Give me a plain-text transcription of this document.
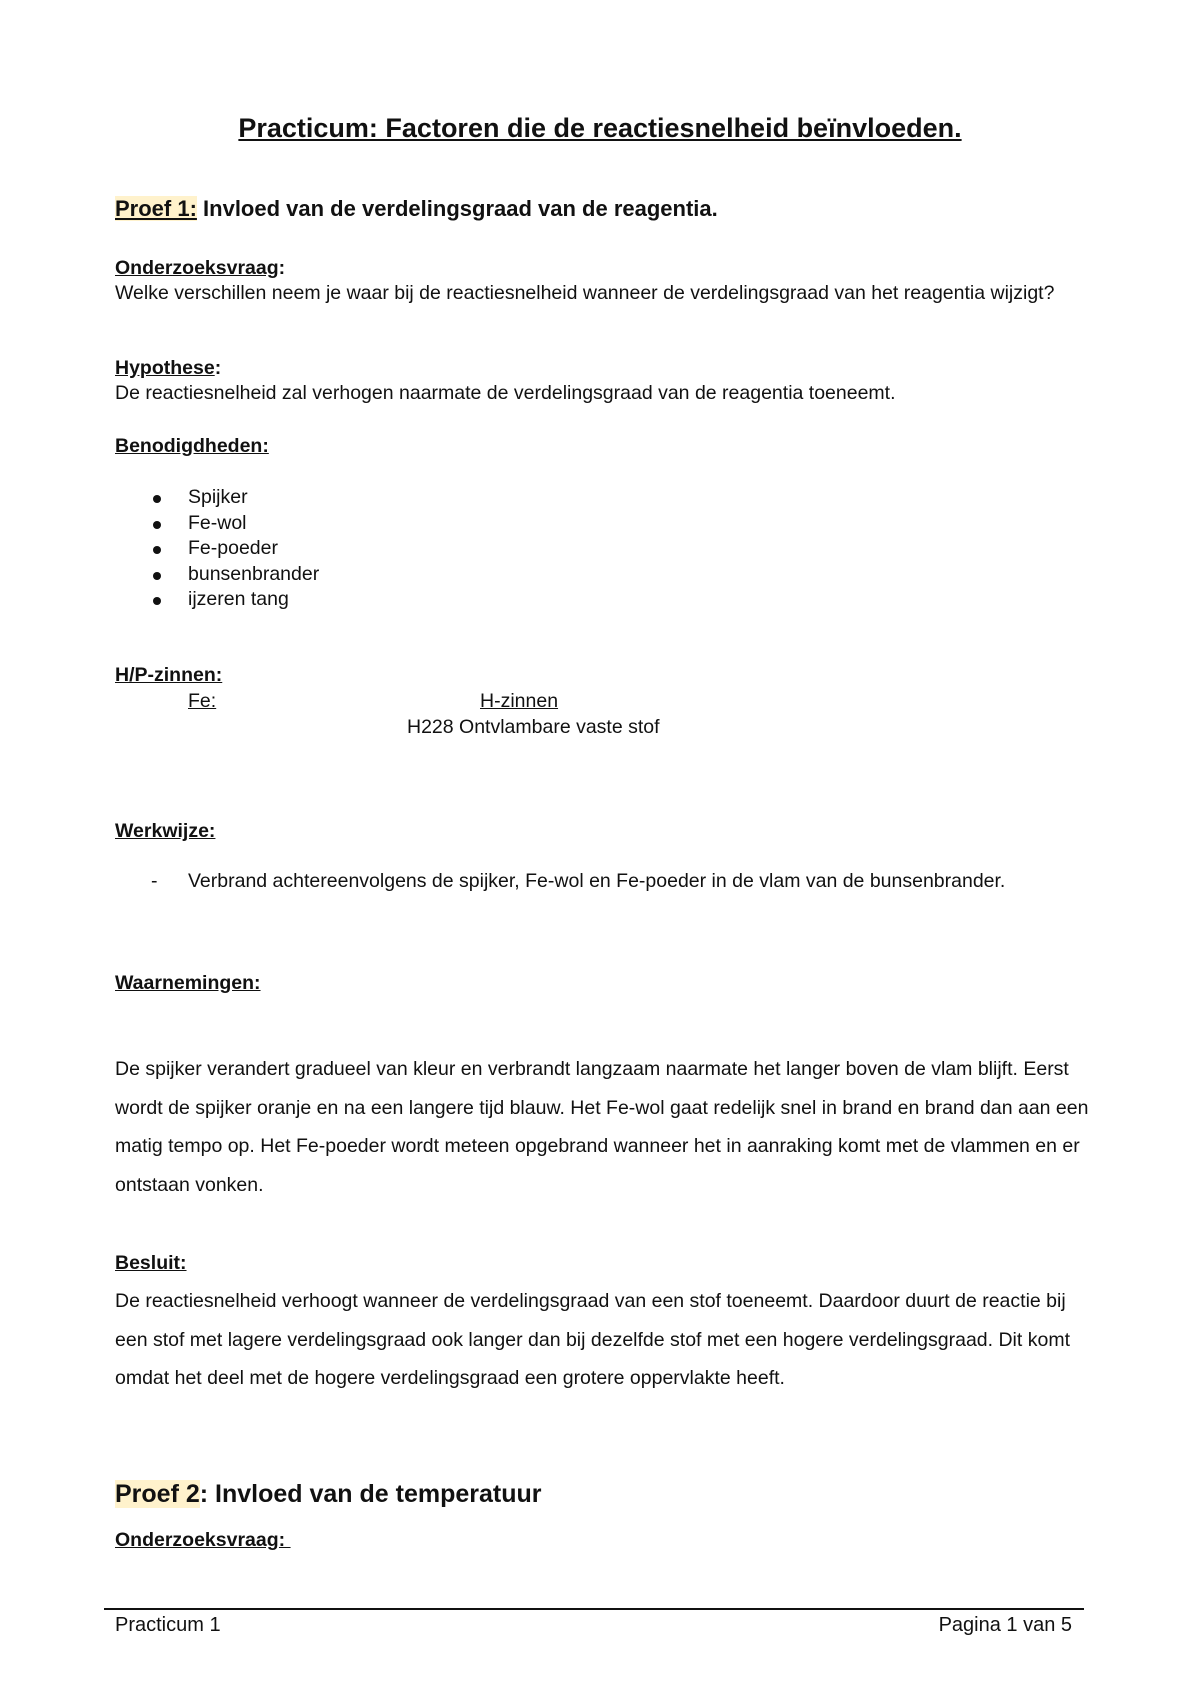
Practicum: Factoren die de reactiesnelheid beïnvloeden.
Proef 1: Invloed van de verdelingsgraad van de reagentia.
Onderzoeksvraag:

Welke verschillen neem je waar bij de reactiesnelheid wanneer de verdelingsgraad van het reagentia wijzigt?

Hypothese:

De reactiesnelheid zal verhogen naarmate de verdelingsgraad van de reagentia toeneemt.

Benodigdheden:
Spijker
Fe-wol
Fe-poeder
bunsenbrander
ijzeren tang
H/P-zinnen:
Fe:	H-zinnen
H228 Ontvlambare vaste stof
Werkwijze:
- Verbrand achtereenvolgens de spijker, Fe-wol en Fe-poeder in de vlam van de bunsenbrander.
Waarnemingen:

De spijker verandert gradueel van kleur en verbrandt langzaam naarmate het langer boven de vlam blijft. Eerst wordt de spijker oranje en na een langere tijd blauw. Het Fe-wol gaat redelijk snel in brand en brand dan aan een matig tempo op. Het Fe-poeder wordt meteen opgebrand wanneer het in aanraking komt met de vlammen en er ontstaan vonken.

Besluit:

De reactiesnelheid verhoogt wanneer de verdelingsgraad van een stof toeneemt. Daardoor duurt de reactie bij een stof met lagere verdelingsgraad ook langer dan bij dezelfde stof met een hogere verdelingsgraad. Dit komt omdat het deel met de hogere verdelingsgraad een grotere oppervlakte heeft.

Proef 2: Invloed van de temperatuur
Onderzoeksvraag:
Practicum 1	Pagina 1 van 5
